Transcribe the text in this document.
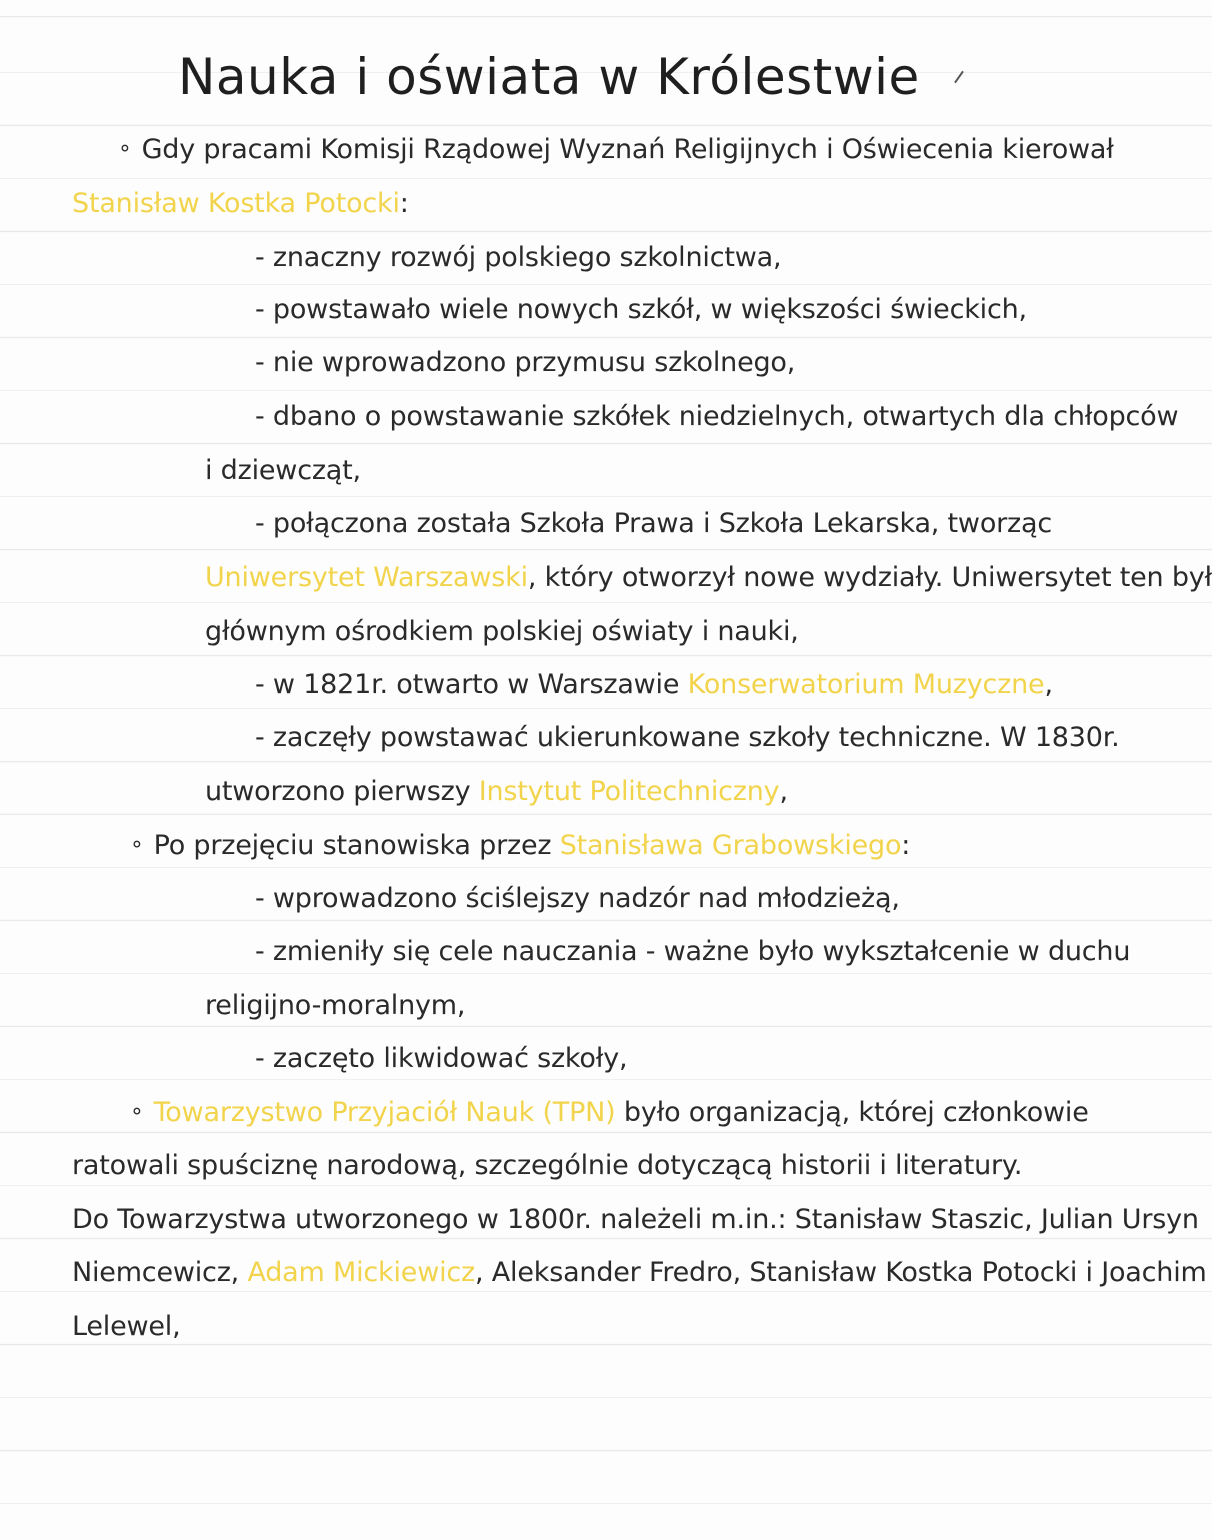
Nauka i oświata w Królestwie
∘ Gdy pracami Komisji Rządowej Wyznań Religijnych i Oświecenia kierował
Stanisław Kostka Potocki:
- znaczny rozwój polskiego szkolnictwa,
- powstawało wiele nowych szkół, w większości świeckich,
- nie wprowadzono przymusu szkolnego,
- dbano o powstawanie szkółek niedzielnych, otwartych dla chłopców
i dziewcząt,
- połączona została Szkoła Prawa i Szkoła Lekarska, tworząc
Uniwersytet Warszawski, który otworzył nowe wydziały. Uniwersytet ten był
głównym ośrodkiem polskiej oświaty i nauki,
- w 1821r. otwarto w Warszawie Konserwatorium Muzyczne,
- zaczęły powstawać ukierunkowane szkoły techniczne. W 1830r.
utworzono pierwszy Instytut Politechniczny,
∘ Po przejęciu stanowiska przez Stanisława Grabowskiego:
- wprowadzono ściślejszy nadzór nad młodzieżą,
- zmieniły się cele nauczania - ważne było wykształcenie w duchu
religijno-moralnym,
- zaczęto likwidować szkoły,
∘ Towarzystwo Przyjaciół Nauk (TPN) było organizacją, której członkowie
ratowali spuściznę narodową, szczególnie dotyczącą historii i literatury.
Do Towarzystwa utworzonego w 1800r. należeli m.in.: Stanisław Staszic, Julian Ursyn
Niemcewicz, Adam Mickiewicz, Aleksander Fredro, Stanisław Kostka Potocki i Joachim
Lelewel,
